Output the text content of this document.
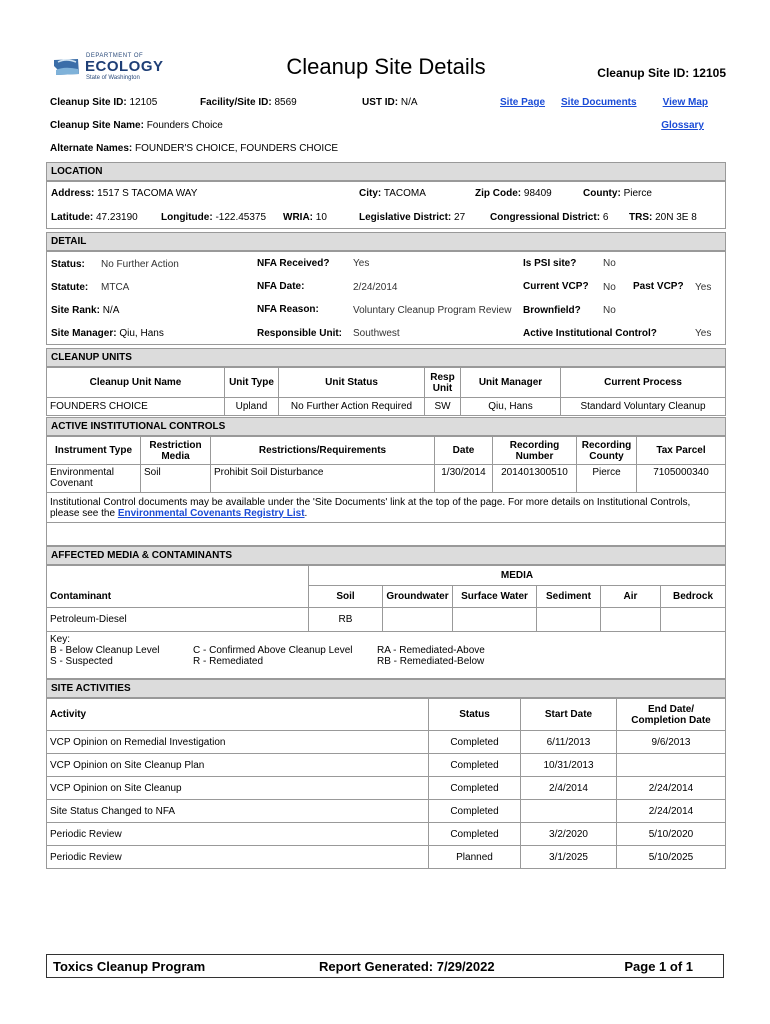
DEPARTMENT OF
ECOLOGY
State of Washington	Cleanup Site Details	Cleanup Site ID: 12105
Cleanup Site ID: 12105	Facility/Site ID: 8569	UST ID: N/A	Site Page Site Documents	View Map
Cleanup Site Name: Founders Choice	Glossary
Alternate Names: FOUNDER'S CHOICE, FOUNDERS CHOICE
LOCATION
Address: 1517 S TACOMA WAY	City: TACOMA	Zip Code: 98409	County: Pierce
Latitude: 47.23190 Longitude: -122.45375 WRIA: 10	Legislative District: 27 Congressional District: 6 TRS: 20N 3E 8
DETAIL
Status: No Further Action	NFA Received? Yes	Is PSI site?	No
Statute: MTCA	NFA Date:	2/24/2014	Current VCP? No Past VCP? Yes
Site Rank: N/A	NFA Reason:	Voluntary Cleanup Program Review Brownfield? No
Site Manager: Qiu, Hans	Responsible Unit: Southwest	Active Institutional Control?	Yes
CLEANUP UNITS
Cleanup Unit Name	Unit Type	Unit Status	Resp Unit	Unit Manager	Current Process
FOUNDERS CHOICE	Upland	No Further Action Required	SW	Qiu, Hans	Standard Voluntary Cleanup
ACTIVE INSTITUTIONAL CONTROLS
Instrument Type	Restriction Media	Restrictions/Requirements	Date	Recording Number	Recording County	Tax Parcel
Environmental Covenant	Soil	Prohibit Soil Disturbance	1/30/2014	201401300510	Pierce	7105000340
Institutional Control documents may be available under the 'Site Documents' link at the top of the page. For more details on Institutional Controls, please see the Environmental Covenants Registry List.						
AFFECTED MEDIA & CONTAMINANTS
	MEDIA					
Contaminant	Soil	Groundwater	Surface Water	Sediment	Air	Bedrock
Petroleum-Diesel	RB					
Key:
B - Below Cleanup Level
S - Suspected
C - Confirmed Above Cleanup Level
R - Remediated
RA - Remediated-Above
RB - Remediated-Below
SITE ACTIVITIES
Activity	Status	Start Date	End Date/ Completion Date
VCP Opinion on Remedial Investigation	Completed	6/11/2013	9/6/2013
VCP Opinion on Site Cleanup Plan	Completed	10/31/2013	
VCP Opinion on Site Cleanup	Completed	2/4/2014	2/24/2014
Site Status Changed to NFA	Completed		2/24/2014
Periodic Review	Completed	3/2/2020	5/10/2020
Periodic Review	Planned	3/1/2025	5/10/2025
Toxics Cleanup Program	Report Generated: 7/29/2022	Page 1 of 1
